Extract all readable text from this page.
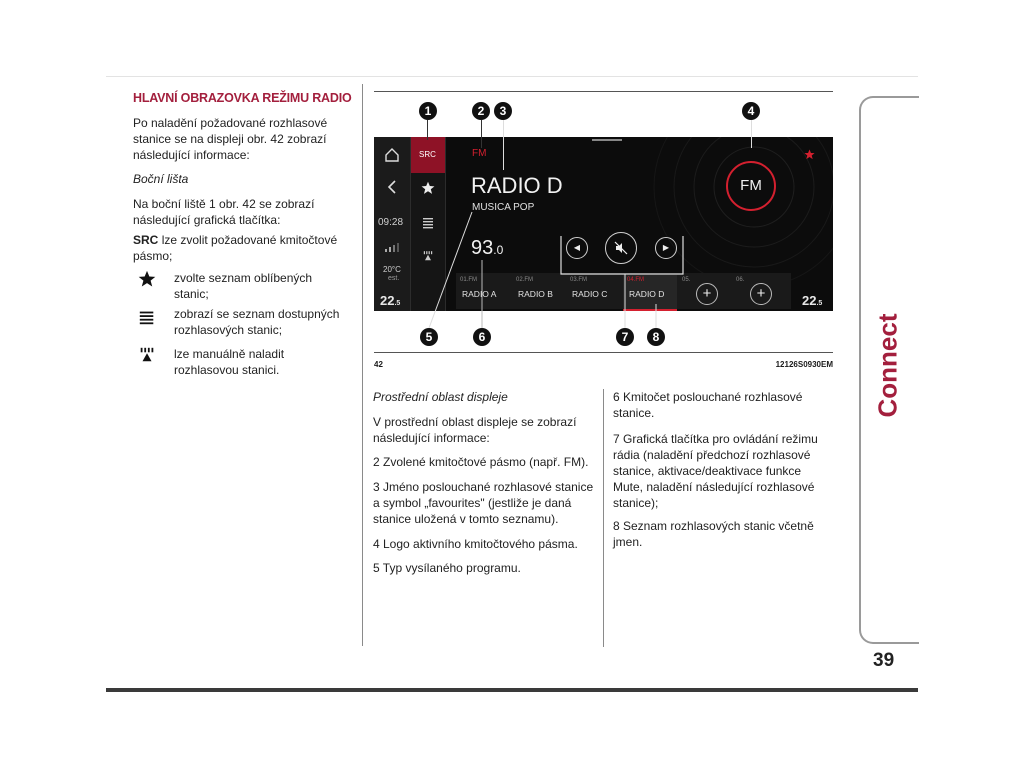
HLAVNÍ OBRAZOVKA REŽIMU RADIO
Po naladění požadované rozhlasové stanice se na displeji obr. 42 zobrazí následující informace:
Boční lišta
Na boční liště 1 obr. 42 se zobrazí následující grafická tlačítka:
SRC lze zvolit požadované kmitočtové pásmo;
zvolte seznam oblíbených stanic;
zobrazí se seznam dostupných rozhlasových stanic;
lze manuálně naladit rozhlasovou stanici.
09:28
20°C
est.
22.5
SRC	FM
RADIO D
MUSICA POP
93.0
FM
◀	▶
01.FM
RADIO A
02.FM
RADIO B
03.FM
RADIO C
04.FM
RADIO D
05.
+
06.
+	22.5
1	2	3	4
5	6	7	8
42	12126S0930EM
Prostřední oblast displeje
V prostřední oblast displeje se zobrazí následující informace:
2 Zvolené kmitočtové pásmo (např. FM).
3 Jméno poslouchané rozhlasové stanice a symbol „favourites" (jestliže je daná stanice uložená v tomto seznamu).
4 Logo aktivního kmitočtového pásma.
5 Typ vysílaného programu.
6 Kmitočet poslouchané rozhlasové stanice.
7 Grafická tlačítka pro ovládání režimu rádia (naladění předchozí rozhlasové stanice, aktivace/deaktivace funkce Mute, naladění následující rozhlasové stanice);
8 Seznam rozhlasových stanic včetně jmen.
Connect
39
